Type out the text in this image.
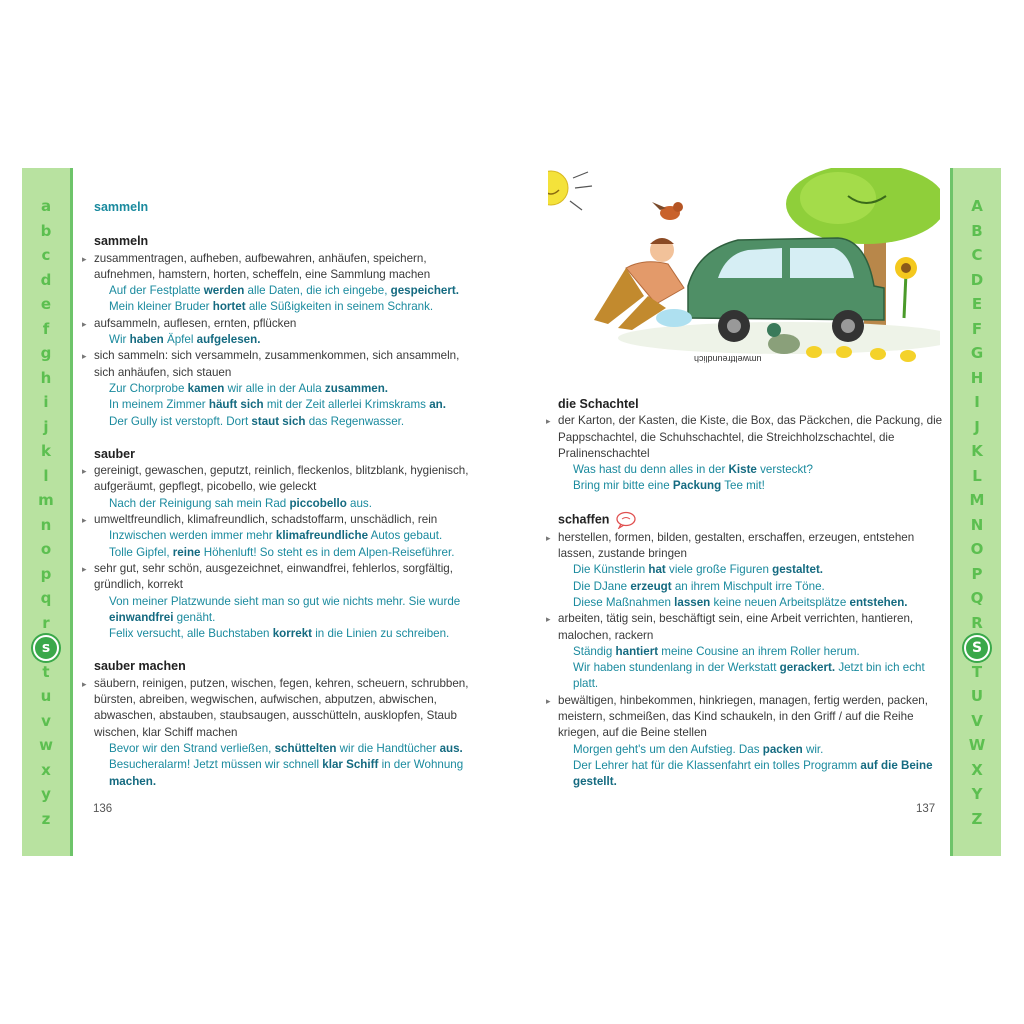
a
b
c
d
e
f
g
h
i
j
k
l
m
n
o
p
q
r
s
t
u
v
w
x
y
z
A
B
C
D
E
F
G
H
I
J
K
L
M
N
O
P
Q
R
S
T
U
V
W
X
Y
Z
sammeln
sammeln
▸ zusammentragen, aufheben, aufbewahren, anhäufen, speichern, aufnehmen, hamstern, horten, scheffeln, eine Sammlung machen
Auf der Festplatte werden alle Daten, die ich eingebe, gespeichert.
Mein kleiner Bruder hortet alle Süßigkeiten in seinem Schrank.
▸ aufsammeln, auflesen, ernten, pflücken
Wir haben Äpfel aufgelesen.
▸ sich sammeln: sich versammeln, zusammenkommen, sich ansammeln, sich anhäufen, sich stauen
Zur Chorprobe kamen wir alle in der Aula zusammen.
In meinem Zimmer häuft sich mit der Zeit allerlei Krimskrams an.
Der Gully ist verstopft. Dort staut sich das Regenwasser.
sauber
▸ gereinigt, gewaschen, geputzt, reinlich, fleckenlos, blitzblank, hygienisch, aufgeräumt, gepflegt, picobello, wie geleckt
Nach der Reinigung sah mein Rad piccobello aus.
▸ umweltfreundlich, klimafreundlich, schadstoffarm, unschädlich, rein
Inzwischen werden immer mehr klimafreundliche Autos gebaut.
Tolle Gipfel, reine Höhenluft! So steht es in dem Alpen-Reiseführer.
▸ sehr gut, sehr schön, ausgezeichnet, einwandfrei, fehlerlos, sorgfältig, gründlich, korrekt
Von meiner Platzwunde sieht man so gut wie nichts mehr. Sie wurde einwandfrei genäht.
Felix versucht, alle Buchstaben korrekt in die Linien zu schreiben.
sauber machen
▸ säubern, reinigen, putzen, wischen, fegen, kehren, scheuern, schrubben, bürsten, abreiben, wegwischen, aufwischen, abputzen, abwischen, abwaschen, abstauben, staubsaugen, ausschütteln, ausklopfen, Staub wischen, klar Schiff machen
Bevor wir den Strand verließen, schüttelten wir die Handtücher aus.
Besucheralarm! Jetzt müssen wir schnell klar Schiff in der Wohnung machen.
136
umweltfreundlich
die Schachtel
▸ der Karton, der Kasten, die Kiste, die Box, das Päckchen, die Packung, die Pappschachtel, die Schuhschachtel, die Streichholzschachtel, die Pralinenschachtel
Was hast du denn alles in der Kiste versteckt?
Bring mir bitte eine Packung Tee mit!
schaffen
▸ herstellen, formen, bilden, gestalten, erschaffen, erzeugen, entstehen lassen, zustande bringen
Die Künstlerin hat viele große Figuren gestaltet.
Die DJane erzeugt an ihrem Mischpult irre Töne.
Diese Maßnahmen lassen keine neuen Arbeitsplätze entstehen.
▸ arbeiten, tätig sein, beschäftigt sein, eine Arbeit verrichten, hantieren, malochen, rackern
Ständig hantiert meine Cousine an ihrem Roller herum.
Wir haben stundenlang in der Werkstatt gerackert. Jetzt bin ich echt platt.
▸ bewältigen, hinbekommen, hinkriegen, managen, fertig werden, packen, meistern, schmeißen, das Kind schaukeln, in den Griff / auf die Reihe kriegen, auf die Beine stellen
Morgen geht's um den Aufstieg. Das packen wir.
Der Lehrer hat für die Klassenfahrt ein tolles Programm auf die Beine gestellt.
137
